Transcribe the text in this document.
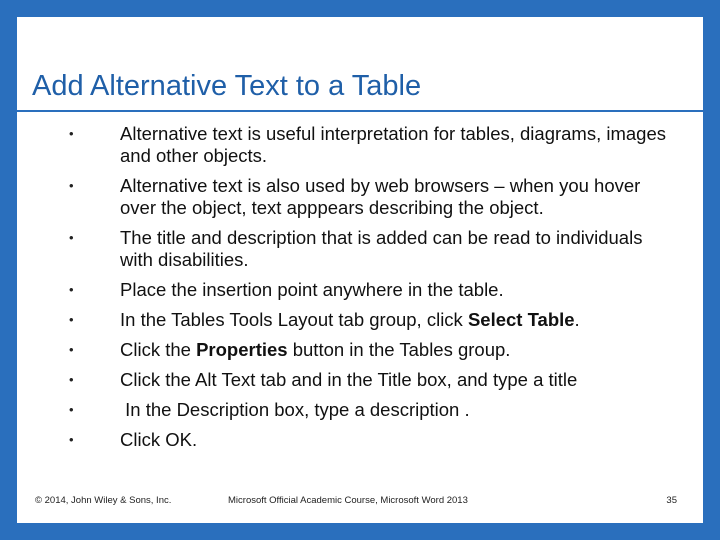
Add Alternative Text to a Table
•	Alternative text is useful interpretation for tables, diagrams, images and other objects.
•	Alternative text is also used by web browsers – when you hover over the object, text apppears describing the object.
•	The title and description that is added can be read to individuals with disabilities.
•	Place the insertion point anywhere in the table.
•	In the Tables Tools Layout tab group, click Select Table.
•	Click the Properties button in the Tables group.
•	Click the Alt Text tab and in the Title box, and type a title
•	In the Description box, type a description .
•	Click OK.
© 2014, John Wiley & Sons, Inc.	Microsoft Official Academic Course, Microsoft Word 2013	35
